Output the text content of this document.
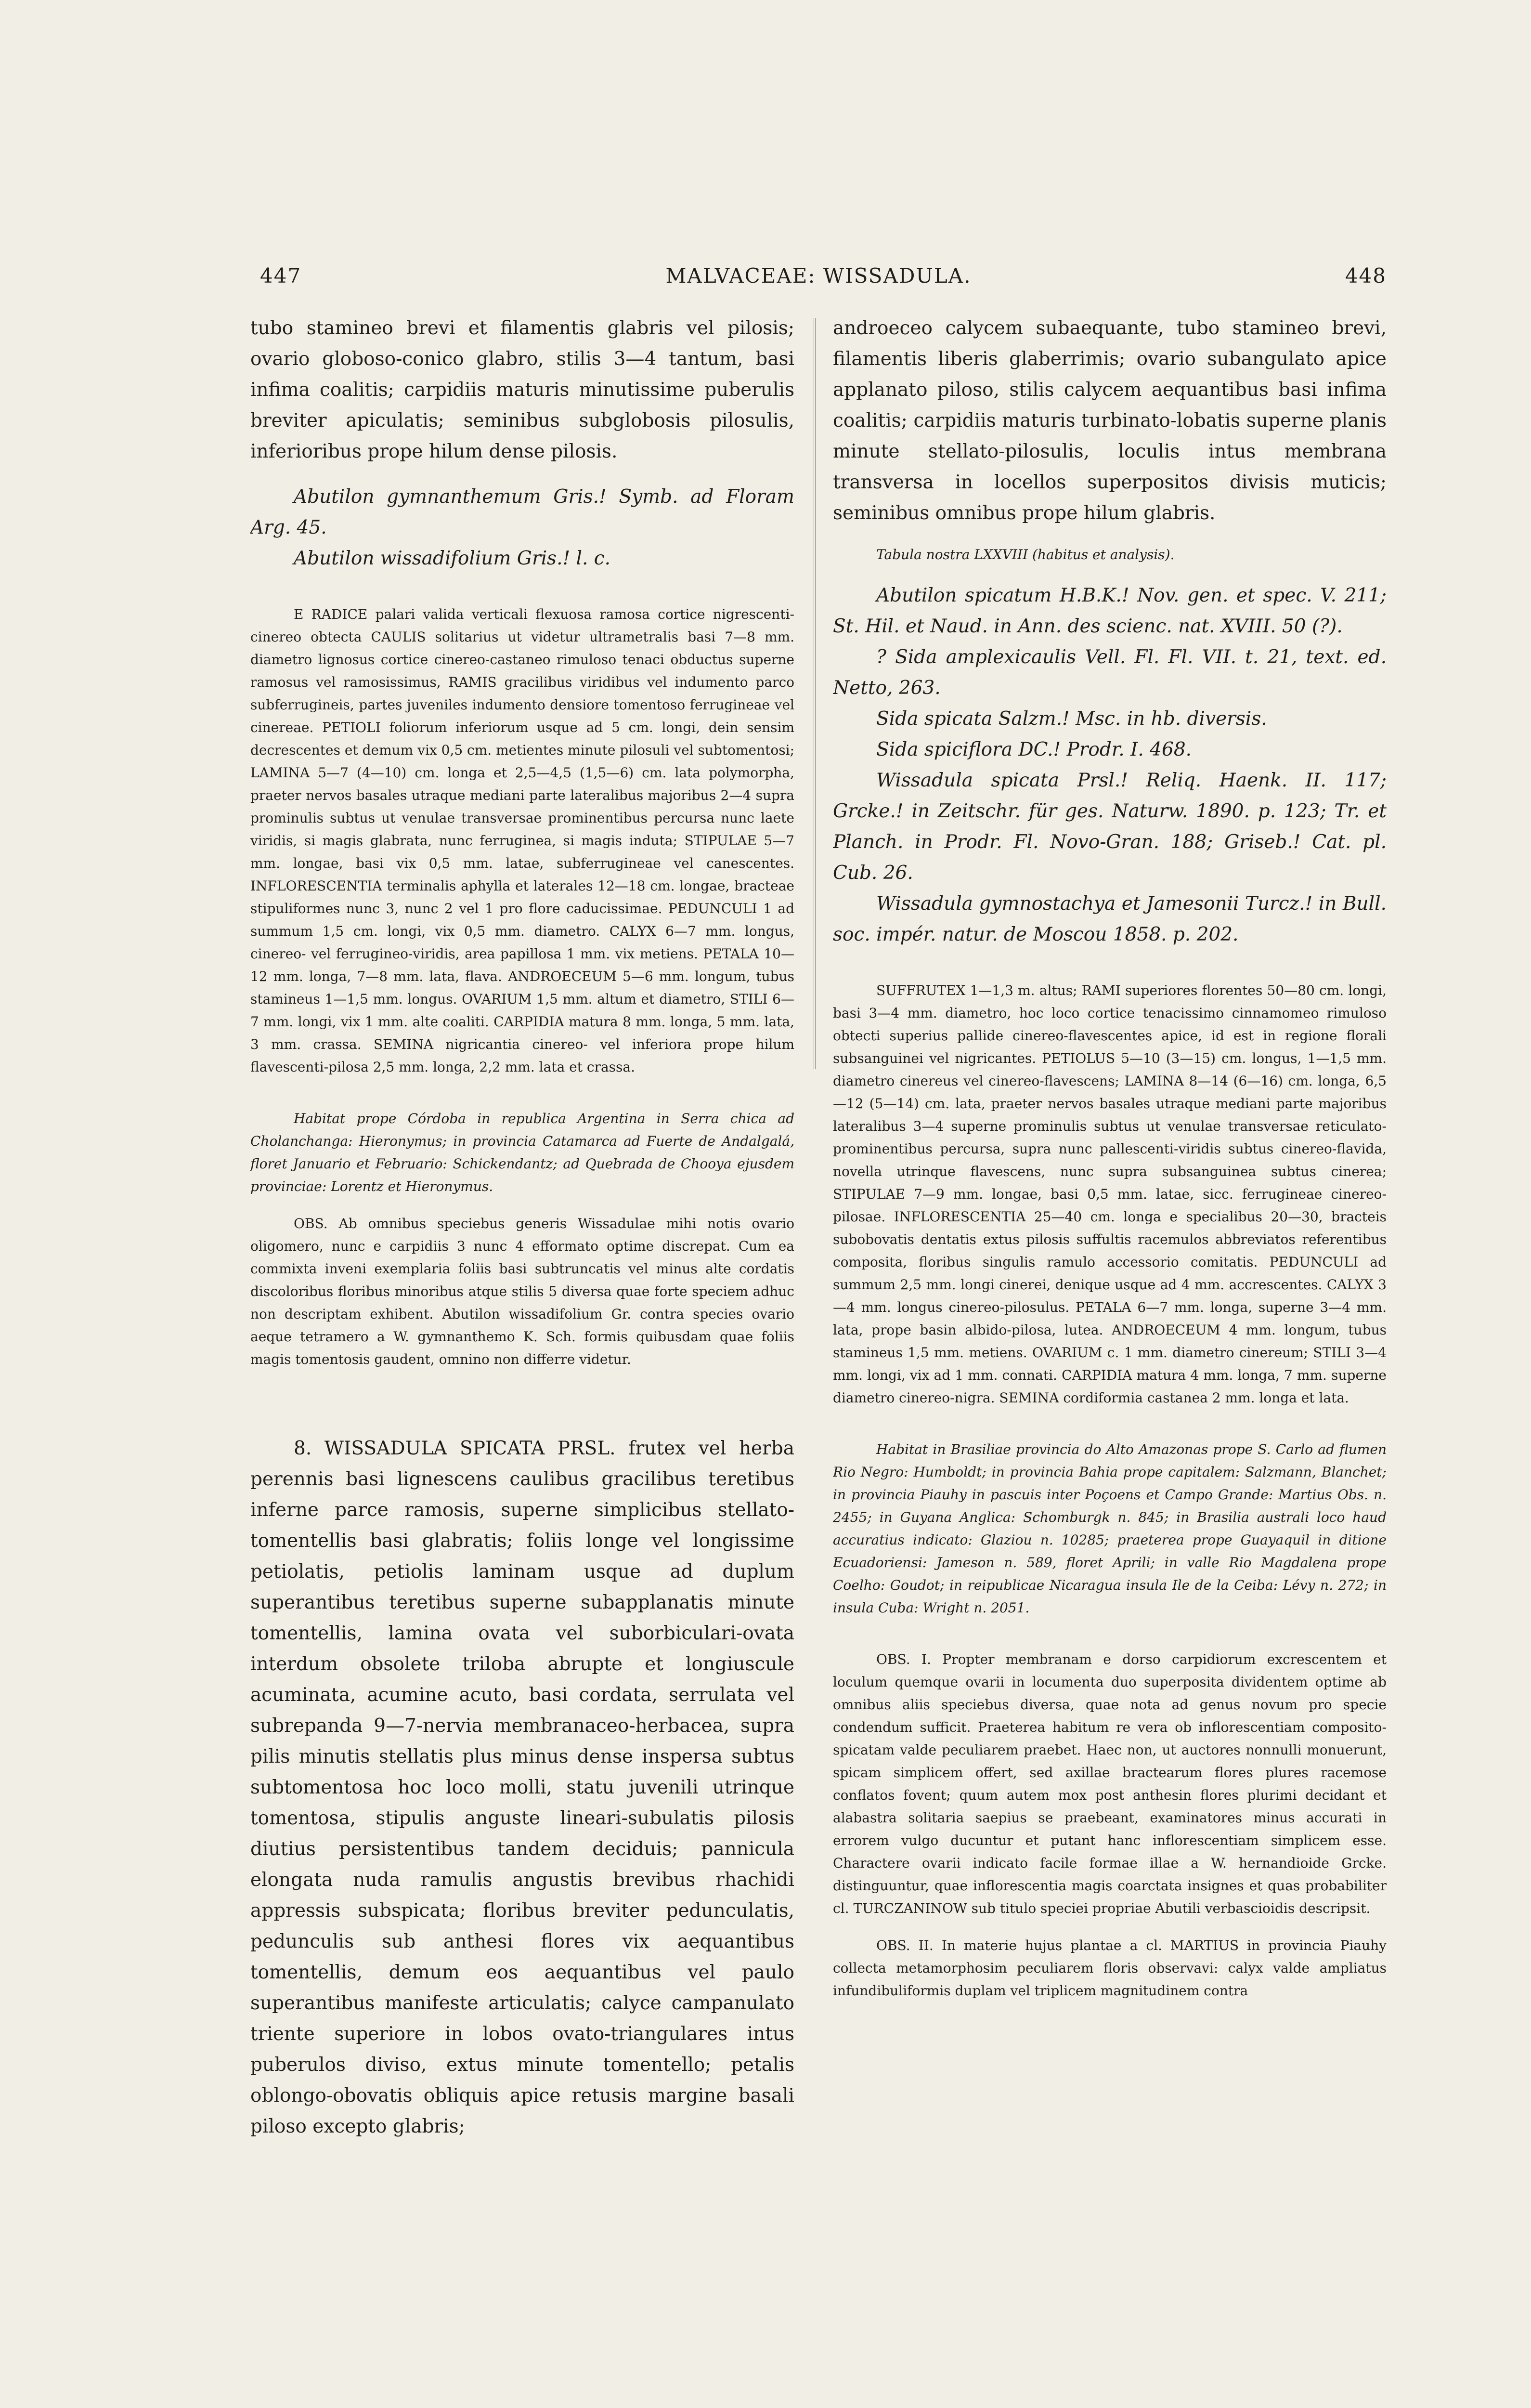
447	MALVACEAE: WISSADULA.	448

tubo stamineo brevi et filamentis glabris vel pilosis; ovario globoso-conico glabro, stilis 3—4 tantum, basi infima coalitis; carpidiis maturis minutissime puberulis breviter apiculatis; seminibus subglobosis pilosulis, inferioribus prope hilum dense pilosis.

Abutilon gymnanthemum Gris.! Symb. ad Floram Arg. 45.

Abutilon wissadifolium Gris.! l. c.

E RADICE palari valida verticali flexuosa ramosa cortice nigrescenti-cinereo obtecta CAULIS solitarius ut videtur ultrametralis basi 7—8 mm. diametro lignosus cortice cinereo-castaneo rimuloso tenaci obductus superne ramosus vel ramosissimus, RAMIS gracilibus viridibus vel indumento parco subferrugineis, partes juveniles indumento densiore tomentoso ferrugineae vel cinereae. PETIOLI foliorum inferiorum usque ad 5 cm. longi, dein sensim decrescentes et demum vix 0,5 cm. metientes minute pilosuli vel subtomentosi; LAMINA 5—7 (4—10) cm. longa et 2,5—4,5 (1,5—6) cm. lata polymorpha, praeter nervos basales utraque mediani parte lateralibus majoribus 2—4 supra prominulis subtus ut venulae transversae prominentibus percursa nunc laete viridis, si magis glabrata, nunc ferruginea, si magis induta; STIPULAE 5—7 mm. longae, basi vix 0,5 mm. latae, subferrugineae vel canescentes. INFLORESCENTIA terminalis aphylla et laterales 12—18 cm. longae, bracteae stipuliformes nunc 3, nunc 2 vel 1 pro flore caducissimae. PEDUNCULI 1 ad summum 1,5 cm. longi, vix 0,5 mm. diametro. CALYX 6—7 mm. longus, cinereo- vel ferrugineo-viridis, area papillosa 1 mm. vix metiens. PETALA 10—12 mm. longa, 7—8 mm. lata, flava. ANDROECEUM 5—6 mm. longum, tubus stamineus 1—1,5 mm. longus. OVARIUM 1,5 mm. altum et diametro, STILI 6—7 mm. longi, vix 1 mm. alte coaliti. CARPIDIA matura 8 mm. longa, 5 mm. lata, 3 mm. crassa. SEMINA nigricantia cinereo- vel inferiora prope hilum flavescenti-pilosa 2,5 mm. longa, 2,2 mm. lata et crassa.

Habitat prope Córdoba in republica Argentina in Serra chica ad Cholanchanga: Hieronymus; in provincia Catamarca ad Fuerte de Andalgalá, floret Januario et Februario: Schickendantz; ad Quebrada de Chooya ejusdem provinciae: Lorentz et Hieronymus.

OBS. Ab omnibus speciebus generis Wissadulae mihi notis ovario oligomero, nunc e carpidiis 3 nunc 4 efformato optime discrepat. Cum ea commixta inveni exemplaria foliis basi subtruncatis vel minus alte cordatis discoloribus floribus minoribus atque stilis 5 diversa quae forte speciem adhuc non descriptam exhibent. Abutilon wissadifolium Gr. contra species ovario aeque tetramero a W. gymnanthemo K. Sch. formis quibusdam quae foliis magis tomentosis gaudent, omnino non differre videtur.

8. WISSADULA SPICATA PRSL. frutex vel herba perennis basi lignescens caulibus gracilibus teretibus inferne parce ramosis, superne simplicibus stellato-tomentellis basi glabratis; foliis longe vel longissime petiolatis, petiolis laminam usque ad duplum superantibus teretibus superne subapplanatis minute tomentellis, lamina ovata vel suborbiculari-ovata interdum obsolete triloba abrupte et longiuscule acuminata, acumine acuto, basi cordata, serrulata vel subrepanda 9—7-nervia membranaceo-herbacea, supra pilis minutis stellatis plus minus dense inspersa subtus subtomentosa hoc loco molli, statu juvenili utrinque tomentosa, stipulis anguste lineari-subulatis pilosis diutius persistentibus tandem deciduis; pannicula elongata nuda ramulis angustis brevibus rhachidi appressis subspicata; floribus breviter pedunculatis, pedunculis sub anthesi flores vix aequantibus tomentellis, demum eos aequantibus vel paulo superantibus manifeste articulatis; calyce campanulato triente superiore in lobos ovato-triangulares intus puberulos diviso, extus minute tomentello; petalis oblongo-obovatis obliquis apice retusis margine basali piloso excepto glabris;

androeceo calycem subaequante, tubo stamineo brevi, filamentis liberis glaberrimis; ovario subangulato apice applanato piloso, stilis calycem aequantibus basi infima coalitis; carpidiis maturis turbinato-lobatis superne planis minute stellato-pilosulis, loculis intus membrana transversa in locellos superpositos divisis muticis; seminibus omnibus prope hilum glabris.

Tabula nostra LXXVIII (habitus et analysis).

Abutilon spicatum H.B.K.! Nov. gen. et spec. V. 211; St. Hil. et Naud. in Ann. des scienc. nat. XVIII. 50 (?).

? Sida amplexicaulis Vell. Fl. Fl. VII. t. 21, text. ed. Netto, 263.

Sida spicata Salzm.! Msc. in hb. diversis.

Sida spiciflora DC.! Prodr. I. 468.

Wissadula spicata Prsl.! Reliq. Haenk. II. 117; Grcke.! in Zeitschr. für ges. Naturw. 1890. p. 123; Tr. et Planch. in Prodr. Fl. Novo-Gran. 188; Griseb.! Cat. pl. Cub. 26.

Wissadula gymnostachya et Jamesonii Turcz.! in Bull. soc. impér. natur. de Moscou 1858. p. 202.

SUFFRUTEX 1—1,3 m. altus; RAMI superiores florentes 50—80 cm. longi, basi 3—4 mm. diametro, hoc loco cortice tenacissimo cinnamomeo rimuloso obtecti superius pallide cinereo-flavescentes apice, id est in regione florali subsanguinei vel nigricantes. PETIOLUS 5—10 (3—15) cm. longus, 1—1,5 mm. diametro cinereus vel cinereo-flavescens; LAMINA 8—14 (6—16) cm. longa, 6,5—12 (5—14) cm. lata, praeter nervos basales utraque mediani parte majoribus lateralibus 3—4 superne prominulis subtus ut venulae transversae reticulato-prominentibus percursa, supra nunc pallescenti-viridis subtus cinereo-flavida, novella utrinque flavescens, nunc supra subsanguinea subtus cinerea; STIPULAE 7—9 mm. longae, basi 0,5 mm. latae, sicc. ferrugineae cinereo-pilosae. INFLORESCENTIA 25—40 cm. longa e specialibus 20—30, bracteis subobovatis dentatis extus pilosis suffultis racemulos abbreviatos referentibus composita, floribus singulis ramulo accessorio comitatis. PEDUNCULI ad summum 2,5 mm. longi cinerei, denique usque ad 4 mm. accrescentes. CALYX 3—4 mm. longus cinereo-pilosulus. PETALA 6—7 mm. longa, superne 3—4 mm. lata, prope basin albido-pilosa, lutea. ANDROECEUM 4 mm. longum, tubus stamineus 1,5 mm. metiens. OVARIUM c. 1 mm. diametro cinereum; STILI 3—4 mm. longi, vix ad 1 mm. connati. CARPIDIA matura 4 mm. longa, 7 mm. superne diametro cinereo-nigra. SEMINA cordiformia castanea 2 mm. longa et lata.

Habitat in Brasiliae provincia do Alto Amazonas prope S. Carlo ad flumen Rio Negro: Humboldt; in provincia Bahia prope capitalem: Salzmann, Blanchet; in provincia Piauhy in pascuis inter Poçoens et Campo Grande: Martius Obs. n. 2455; in Guyana Anglica: Schomburgk n. 845; in Brasilia australi loco haud accuratius indicato: Glaziou n. 10285; praeterea prope Guayaquil in ditione Ecuadoriensi: Jameson n. 589, floret Aprili; in valle Rio Magdalena prope Coelho: Goudot; in reipublicae Nicaragua insula Ile de la Ceiba: Lévy n. 272; in insula Cuba: Wright n. 2051.

OBS. I. Propter membranam e dorso carpidiorum excrescentem et loculum quemque ovarii in locumenta duo superposita dividentem optime ab omnibus aliis speciebus diversa, quae nota ad genus novum pro specie condendum sufficit. Praeterea habitum re vera ob inflorescentiam composito-spicatam valde peculiarem praebet. Haec non, ut auctores nonnulli monuerunt, spicam simplicem offert, sed axillae bractearum flores plures racemose conflatos fovent; quum autem mox post anthesin flores plurimi decidant et alabastra solitaria saepius se praebeant, examinatores minus accurati in errorem vulgo ducuntur et putant hanc inflorescentiam simplicem esse. Charactere ovarii indicato facile formae illae a W. hernandioide Grcke. distinguuntur, quae inflorescentia magis coarctata insignes et quas probabiliter cl. TURCZANINOW sub titulo speciei propriae Abutili verbascioidis descripsit.

OBS. II. In materie hujus plantae a cl. MARTIUS in provincia Piauhy collecta metamorphosim peculiarem floris observavi: calyx valde ampliatus infundibuliformis duplam vel triplicem magnitudinem contra
